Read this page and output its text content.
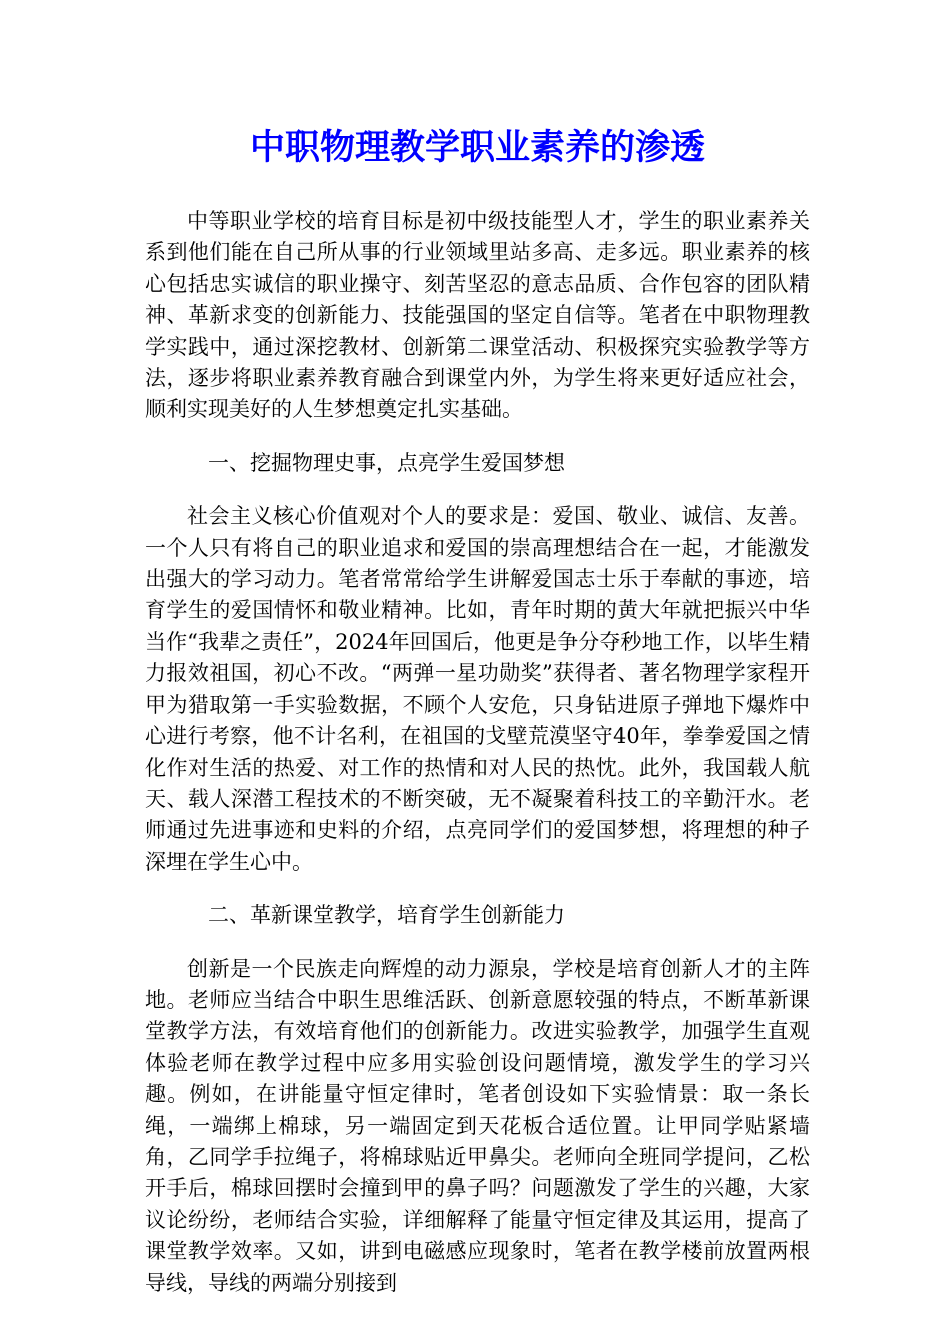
中职物理教学职业素养的渗透

中等职业学校的培育目标是初中级技能型人才，学生的职业素养关系到他们能在自己所从事的行业领域里站多高、走多远。职业素养的核心包括忠实诚信的职业操守、刻苦坚忍的意志品质、合作包容的团队精神、革新求变的创新能力、技能强国的坚定自信等。笔者在中职物理教学实践中，通过深挖教材、创新第二课堂活动、积极探究实验教学等方法，逐步将职业素养教育融合到课堂内外，为学生将来更好适应社会，顺利实现美好的人生梦想奠定扎实基础。

一、挖掘物理史事，点亮学生爱国梦想

社会主义核心价值观对个人的要求是：爱国、敬业、诚信、友善。一个人只有将自己的职业追求和爱国的崇高理想结合在一起，才能激发出强大的学习动力。笔者常常给学生讲解爱国志士乐于奉献的事迹，培育学生的爱国情怀和敬业精神。比如，青年时期的黄大年就把振兴中华当作“我辈之责任”，2024年回国后，他更是争分夺秒地工作，以毕生精力报效祖国，初心不改。“两弹一星功勋奖”获得者、著名物理学家程开甲为猎取第一手实验数据，不顾个人安危，只身钻进原子弹地下爆炸中心进行考察，他不计名利，在祖国的戈壁荒漠坚守40年，拳拳爱国之情化作对生活的热爱、对工作的热情和对人民的热忱。此外，我国载人航天、载人深潜工程技术的不断突破，无不凝聚着科技工的辛勤汗水。老师通过先进事迹和史料的介绍，点亮同学们的爱国梦想，将理想的种子深埋在学生心中。

二、革新课堂教学，培育学生创新能力

创新是一个民族走向辉煌的动力源泉，学校是培育创新人才的主阵地。老师应当结合中职生思维活跃、创新意愿较强的特点，不断革新课堂教学方法，有效培育他们的创新能力。改进实验教学，加强学生直观体验老师在教学过程中应多用实验创设问题情境，激发学生的学习兴趣。例如，在讲能量守恒定律时，笔者创设如下实验情景：取一条长绳，一端绑上棉球，另一端固定到天花板合适位置。让甲同学贴紧墙角，乙同学手拉绳子，将棉球贴近甲鼻尖。老师向全班同学提问，乙松开手后，棉球回摆时会撞到甲的鼻子吗？问题激发了学生的兴趣，大家议论纷纷，老师结合实验，详细解释了能量守恒定律及其运用，提高了课堂教学效率。又如，讲到电磁感应现象时，笔者在教学楼前放置两根导线，导线的两端分别接到
